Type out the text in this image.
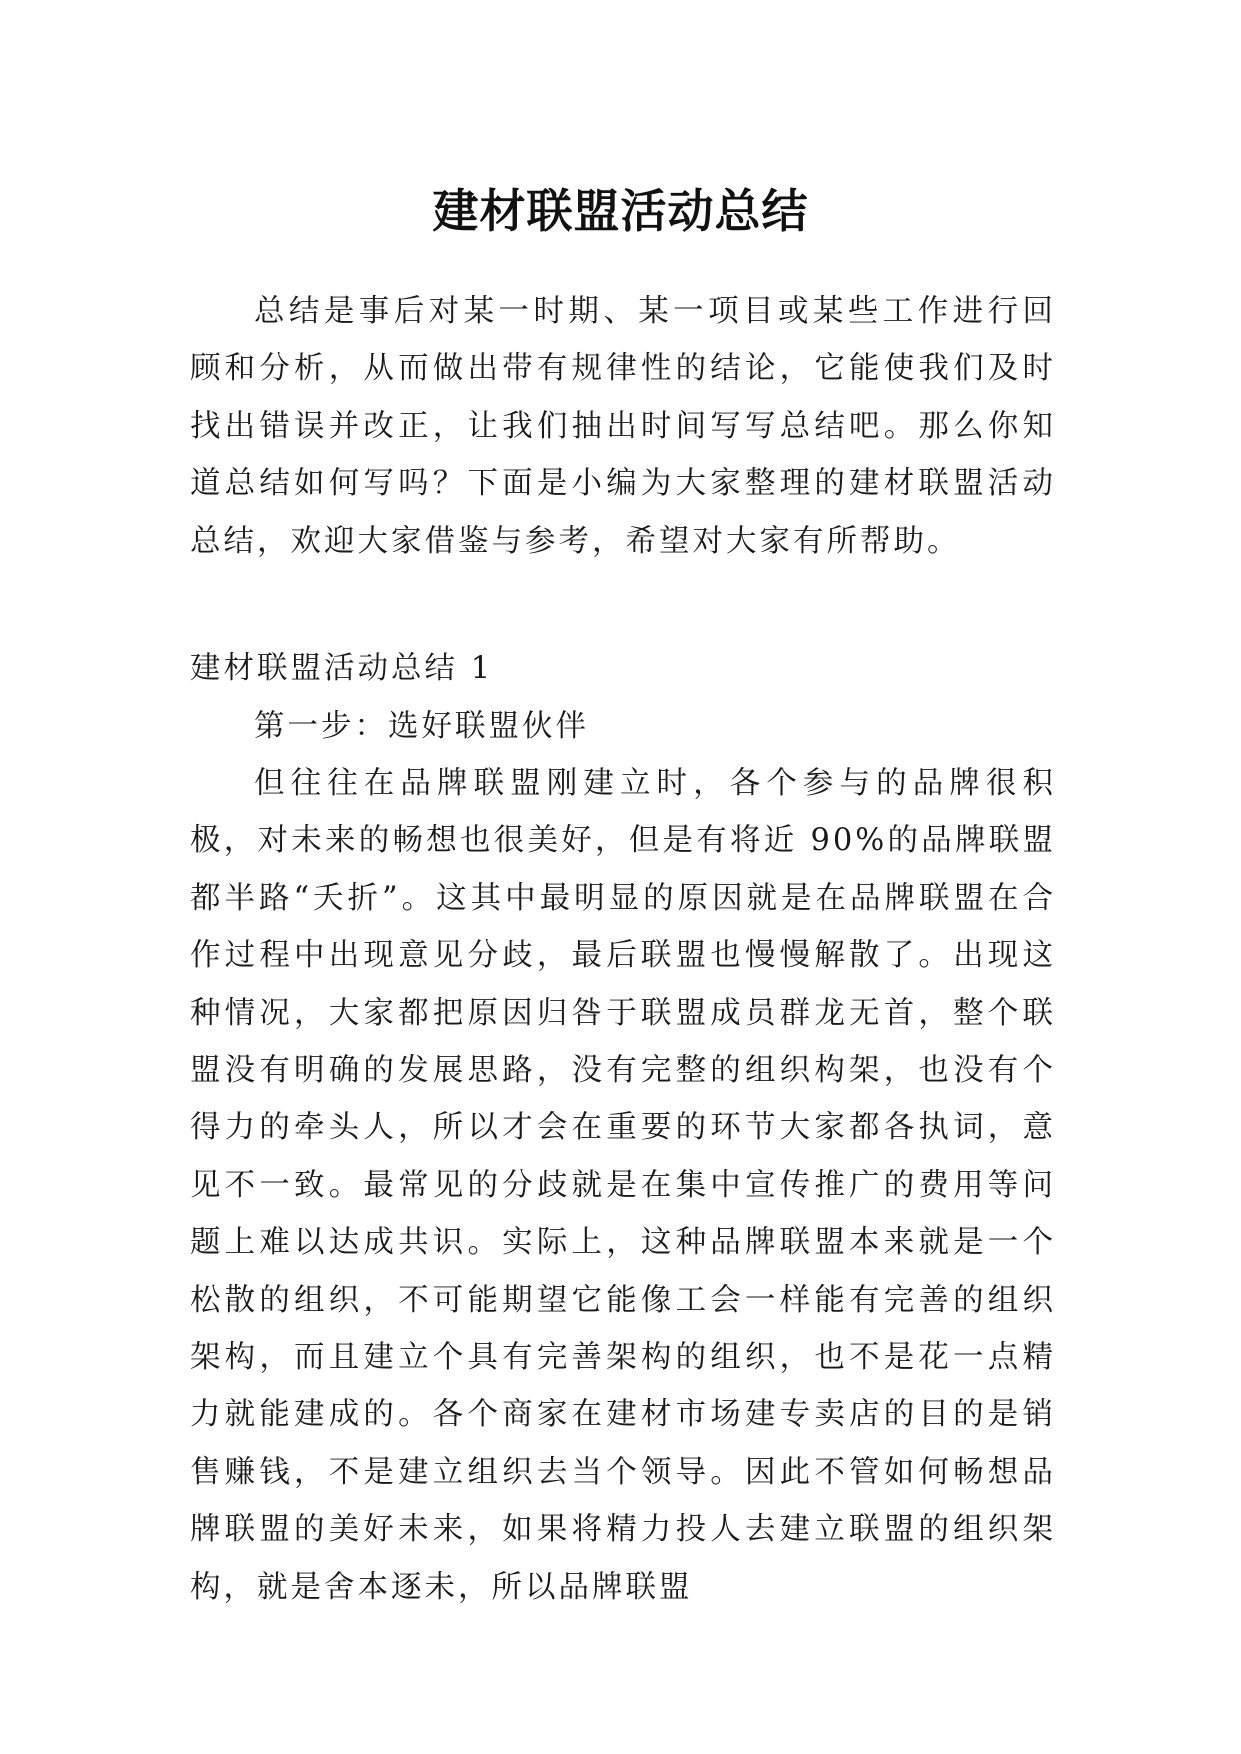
建材联盟活动总结

总结是事后对某一时期、某一项目或某些工作进行回顾和分析，从而做出带有规律性的结论，它能使我们及时找出错误并改正，让我们抽出时间写写总结吧。那么你知道总结如何写吗？下面是小编为大家整理的建材联盟活动总结，欢迎大家借鉴与参考，希望对大家有所帮助。

建材联盟活动总结 1

第一步：选好联盟伙伴

但往往在品牌联盟刚建立时，各个参与的品牌很积极，对未来的畅想也很美好，但是有将近 90%的品牌联盟都半路“夭折”。这其中最明显的原因就是在品牌联盟在合作过程中出现意见分歧，最后联盟也慢慢解散了。出现这种情况，大家都把原因归咎于联盟成员群龙无首，整个联盟没有明确的发展思路，没有完整的组织构架，也没有个得力的牵头人，所以才会在重要的环节大家都各执词，意见不一致。最常见的分歧就是在集中宣传推广的费用等问题上难以达成共识。实际上，这种品牌联盟本来就是一个松散的组织，不可能期望它能像工会一样能有完善的组织架构，而且建立个具有完善架构的组织，也不是花一点精力就能建成的。各个商家在建材市场建专卖店的目的是销售赚钱，不是建立组织去当个领导。因此不管如何畅想品牌联盟的美好未来，如果将精力投人去建立联盟的组织架构，就是舍本逐未，所以品牌联盟
